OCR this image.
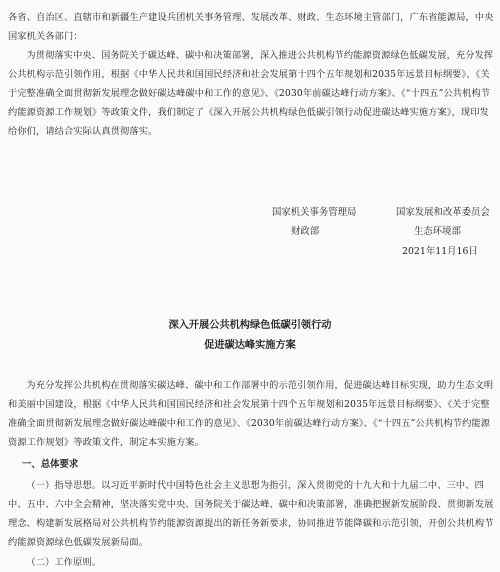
各省、自治区、直辖市和新疆生产建设兵团机关事务管理、发展改革、财政、生态环境主管部门，广东省能源局，中央国家机关各部门：

为贯彻落实中央、国务院关于碳达峰、碳中和决策部署，深入推进公共机构节约能源资源绿色低碳发展，充分发挥公共机构示范引领作用，根据《中华人民共和国国民经济和社会发展第十四个五年规划和2035年远景目标纲要》、《关于完整准确全面贯彻新发展理念做好碳达峰碳中和工作的意见》、《2030年前碳达峰行动方案》、《“十四五”公共机构节约能源资源工作规划》等政策文件，我们制定了《深入开展公共机构绿色低碳引领行动促进碳达峰实施方案》，现印发给你们，请结合实际认真贯彻落实。

国家机关事务管理局	国家发展和改革委员会
财政部	生态环境部
2021年11月16日
深入开展公共机构绿色低碳引领行动
促进碳达峰实施方案

为充分发挥公共机构在贯彻落实碳达峰、碳中和工作部署中的示范引领作用，促进碳达峰目标实现，助力生态文明和美丽中国建设，根据《中华人民共和国国民经济和社会发展第十四个五年规划和2035年远景目标纲要》、《关于完整准确全面贯彻新发展理念做好碳达峰碳中和工作的意见》、《2030年前碳达峰行动方案》、《“十四五”公共机构节约能源资源工作规划》等政策文件，制定本实施方案。

一、总体要求

（一）指导思想。以习近平新时代中国特色社会主义思想为指引，深入贯彻党的十九大和十九届二中、三中、四中、五中、六中全会精神，坚决落实党中央、国务院关于碳达峰、碳中和决策部署，准确把握新发展阶段、贯彻新发展理念、构建新发展格局对公共机构节约能源资源提出的新任务新要求，协同推进节能降碳和示范引领，开创公共机构节约能源资源绿色低碳发展新局面。

（二）工作原则。
